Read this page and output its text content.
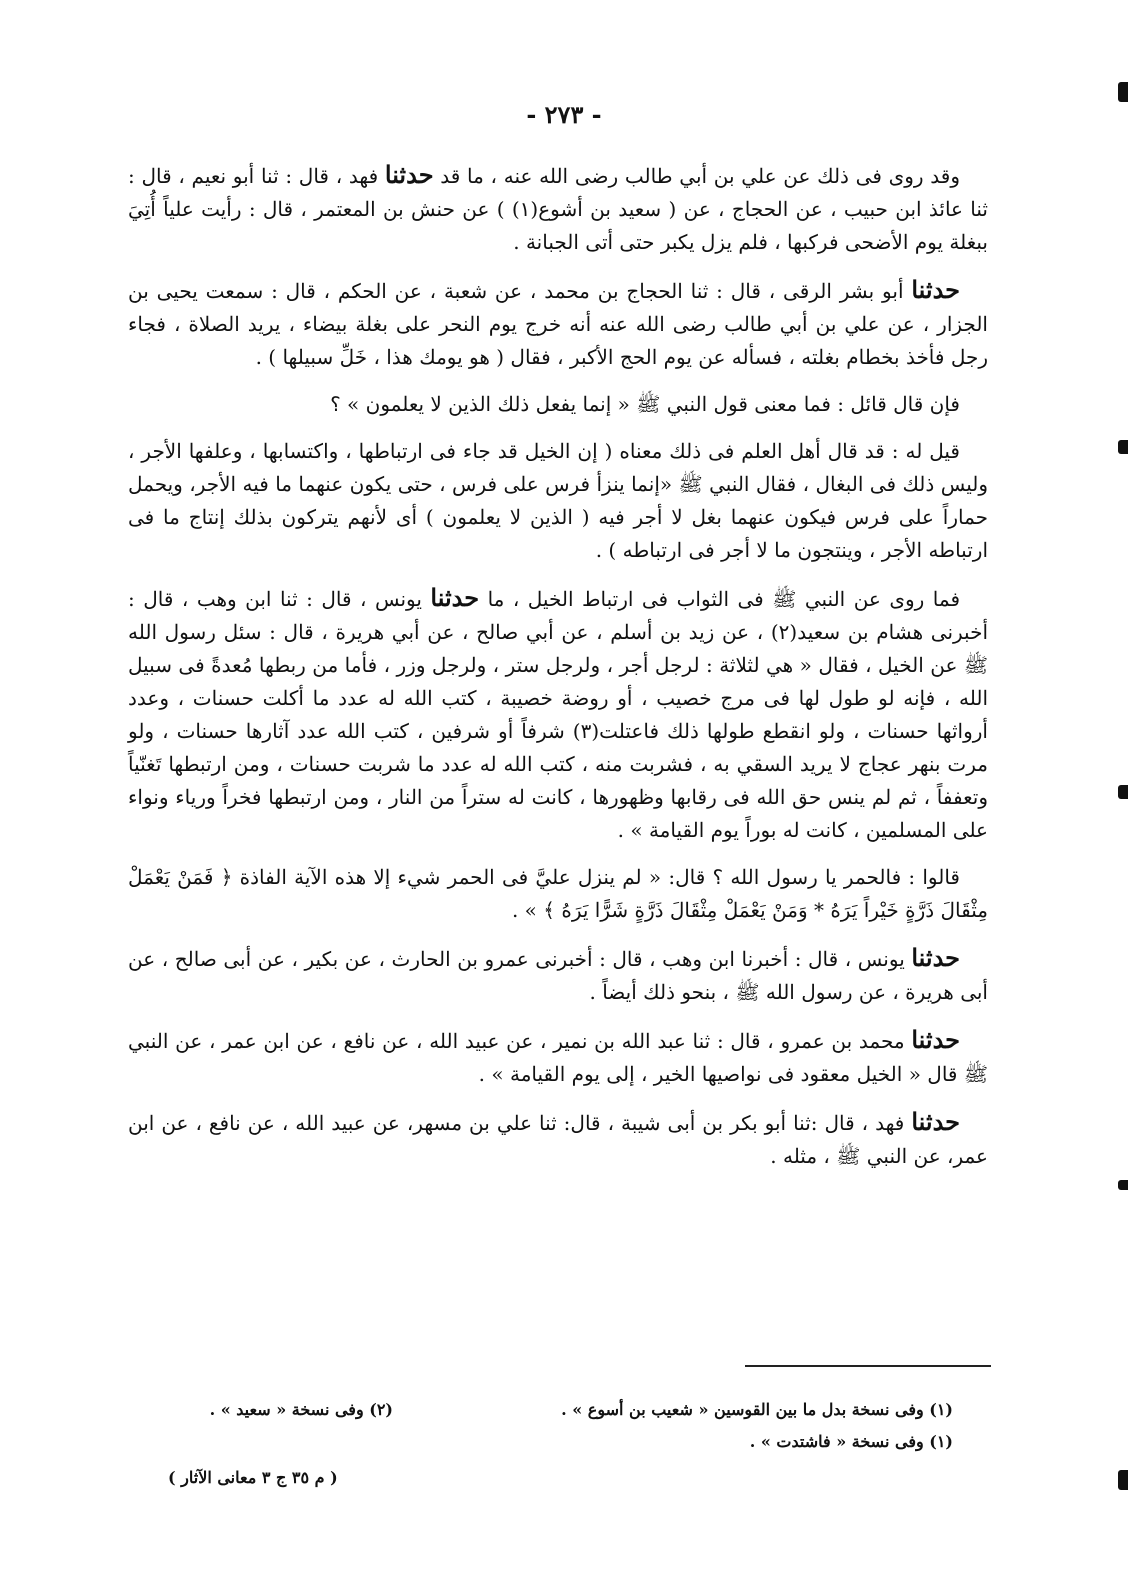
- ٢٧٣ -

وقد روى فى ذلك عن علي بن أبي طالب رضى الله عنه ، ما قد حدثنا فهد ، قال : ثنا أبو نعيم ، قال : ثنا عائذ ابن حبيب ، عن الحجاج ، عن ( سعيد بن أشوع(١) ) عن حنش بن المعتمر ، قال : رأيت علياً أُتِيَ ببغلة يوم الأضحى فركبها ، فلم يزل يكبر حتى أتى الجبانة .

حدثنا أبو بشر الرقى ، قال : ثنا الحجاج بن محمد ، عن شعبة ، عن الحكم ، قال : سمعت يحيى بن الجزار ، عن علي بن أبي طالب رضى الله عنه أنه خرج يوم النحر على بغلة بيضاء ، يريد الصلاة ، فجاء رجل فأخذ بخطام بغلته ، فسأله عن يوم الحج الأكبر ، فقال ( هو يومك هذا ، خَلِّ سبيلها ) .

فإن قال قائل : فما معنى قول النبي ﷺ « إنما يفعل ذلك الذين لا يعلمون » ؟

قيل له : قد قال أهل العلم فى ذلك معناه ( إن الخيل قد جاء فى ارتباطها ، واكتسابها ، وعلفها الأجر ، وليس ذلك فى البغال ، فقال النبي ﷺ «إنما ينزأ فرس على فرس ، حتى يكون عنهما ما فيه الأجر، ويحمل حماراً على فرس فيكون عنهما بغل لا أجر فيه ( الذين لا يعلمون ) أى لأنهم يتركون بذلك إنتاج ما فى ارتباطه الأجر ، وينتجون ما لا أجر فى ارتباطه ) .

فما روى عن النبي ﷺ فى الثواب فى ارتباط الخيل ، ما حدثنا يونس ، قال : ثنا ابن وهب ، قال : أخبرنى هشام بن سعيد(٢) ، عن زيد بن أسلم ، عن أبي صالح ، عن أبي هريرة ، قال : سئل رسول الله ﷺ عن الخيل ، فقال « هي لثلاثة : لرجل أجر ، ولرجل ستر ، ولرجل وزر ، فأما من ربطها مُعدةً فى سبيل الله ، فإنه لو طول لها فى مرج خصيب ، أو روضة خصيبة ، كتب الله له عدد ما أكلت حسنات ، وعدد أرواثها حسنات ، ولو انقطع طولها ذلك فاعتلت(٣) شرفاً أو شرفين ، كتب الله عدد آثارها حسنات ، ولو مرت بنهر عجاج لا يريد السقي به ، فشربت منه ، كتب الله له عدد ما شربت حسنات ، ومن ارتبطها تَغنّياً وتعففاً ، ثم لم ينس حق الله فى رقابها وظهورها ، كانت له ستراً من النار ، ومن ارتبطها فخراً ورياء ونواء على المسلمين ، كانت له بوراً يوم القيامة » .

قالوا : فالحمر يا رسول الله ؟ قال: « لم ينزل عليَّ فى الحمر شيء إلا هذه الآية الفاذة ﴿ فَمَنْ يَعْمَلْ مِثْقَالَ ذَرَّةٍ خَيْراً يَرَهُ * وَمَنْ يَعْمَلْ مِثْقَالَ ذَرَّةٍ شَرًّا يَرَهُ ﴾ » .

حدثنا يونس ، قال : أخبرنا ابن وهب ، قال : أخبرنى عمرو بن الحارث ، عن بكير ، عن أبى صالح ، عن أبى هريرة ، عن رسول الله ﷺ ، بنحو ذلك أيضاً .

حدثنا محمد بن عمرو ، قال : ثنا عبد الله بن نمير ، عن عبيد الله ، عن نافع ، عن ابن عمر ، عن النبي ﷺ قال « الخيل معقود فى نواصيها الخير ، إلى يوم القيامة » .

حدثنا فهد ، قال :ثنا أبو بكر بن أبى شيبة ، قال: ثنا علي بن مسهر، عن عبيد الله ، عن نافع ، عن ابن عمر، عن النبي ﷺ ، مثله .

(١) وفى نسخة بدل ما بين القوسين « شعيب بن أسوع » .
(٢) وفى نسخة « سعيد » .
(١) وفى نسخة « فاشتدت » .
( م ٣٥ ج ٣ معانى الآثار )
